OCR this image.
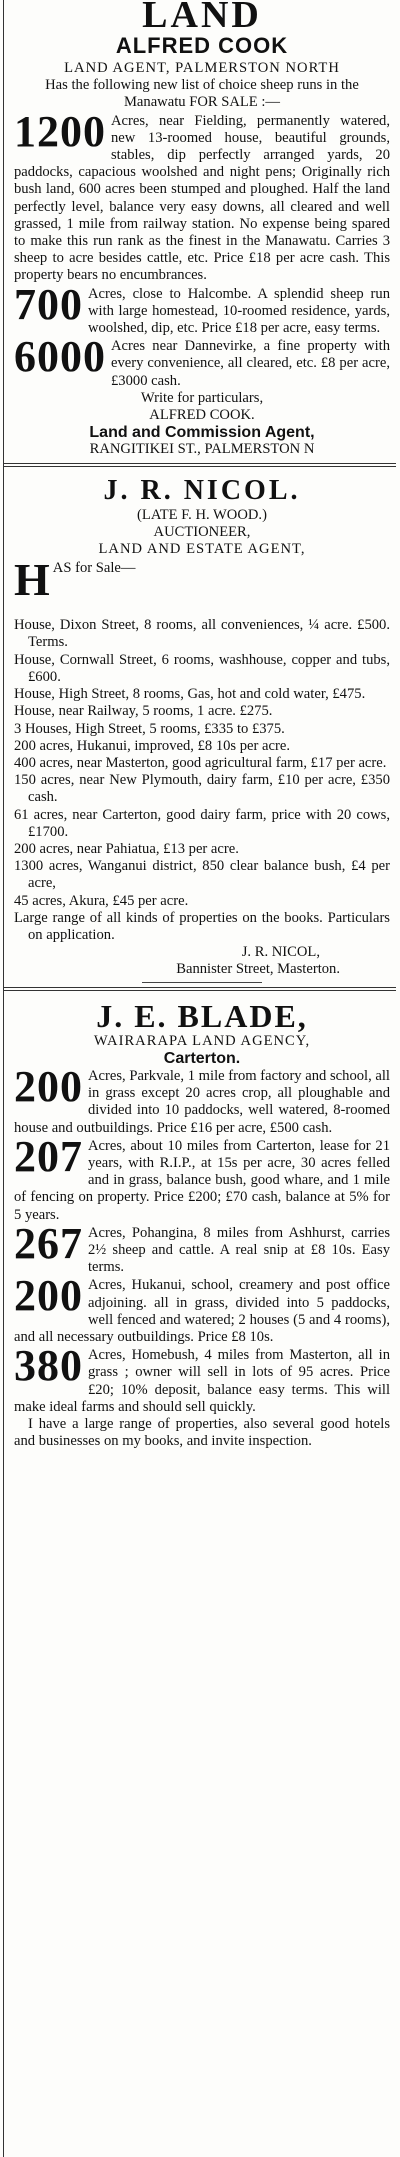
LAND
ALFRED COOK
LAND AGENT, PALMERSTON NORTH
Has the following new list of choice sheep runs in the Manawatu FOR SALE :—
1200 Acres, near Fielding, permanently watered, new 13-roomed house, beautiful grounds, stables, dip perfectly arranged yards, 20 paddocks, capacious woolshed and night pens; Originally rich bush land, 600 acres been stumped and ploughed. Half the land perfectly level, balance very easy downs, all cleared and well grassed, 1 mile from railway station. No expense being spared to make this run rank as the finest in the Manawatu. Carries 3 sheep to acre besides cattle, etc. Price £18 per acre cash. This property bears no encumbrances.
700 Acres, close to Halcombe. A splendid sheep run with large homestead, 10-roomed residence, yards, woolshed, dip, etc. Price £18 per acre, easy terms.
6000 Acres near Dannevirke, a fine property with every convenience, all cleared, etc. £8 per acre, £3000 cash.
Write for particulars,
ALFRED COOK.
Land and Commission Agent,
RANGITIKEI ST., PALMERSTON N
J. R. NICOL.
(LATE F. H. WOOD.)
AUCTIONEER,
LAND AND ESTATE AGENT,
H AS for Sale—
House, Dixon Street, 8 rooms, all conveniences, ¼ acre. £500. Terms.
House, Cornwall Street, 6 rooms, washhouse, copper and tubs, £600.
House, High Street, 8 rooms, Gas, hot and cold water, £475.
House, near Railway, 5 rooms, 1 acre. £275.
3 Houses, High Street, 5 rooms, £335 to £375.
200 acres, Hukanui, improved, £8 10s per acre.
400 acres, near Masterton, good agricultural farm, £17 per acre.
150 acres, near New Plymouth, dairy farm, £10 per acre, £350 cash.
61 acres, near Carterton, good dairy farm, price with 20 cows, £1700.
200 acres, near Pahiatua, £13 per acre.
1300 acres, Wanganui district, 850 clear balance bush, £4 per acre,
45 acres, Akura, £45 per acre.
Large range of all kinds of properties on the books. Particulars on application.
J. R. NICOL,
Bannister Street, Masterton.
J. E. BLADE,
WAIRARAPA LAND AGENCY,
Carterton.
200 Acres, Parkvale, 1 mile from factory and school, all in grass except 20 acres crop, all ploughable and divided into 10 paddocks, well watered, 8-roomed house and outbuildings. Price £16 per acre, £500 cash.
207 Acres, about 10 miles from Carterton, lease for 21 years, with R.I.P., at 15s per acre, 30 acres felled and in grass, balance bush, good whare, and 1 mile of fencing on property. Price £200; £70 cash, balance at 5% for 5 years.
267 Acres, Pohangina, 8 miles from Ashhurst, carries 2½ sheep and cattle. A real snip at £8 10s. Easy terms.
200 Acres, Hukanui, school, creamery and post office adjoining. all in grass, divided into 5 paddocks, well fenced and watered; 2 houses (5 and 4 rooms), and all necessary outbuildings. Price £8 10s.
380 Acres, Homebush, 4 miles from Masterton, all in grass ; owner will sell in lots of 95 acres. Price £20; 10% deposit, balance easy terms. This will make ideal farms and should sell quickly.
I have a large range of properties, also several good hotels and businesses on my books, and invite inspection.
